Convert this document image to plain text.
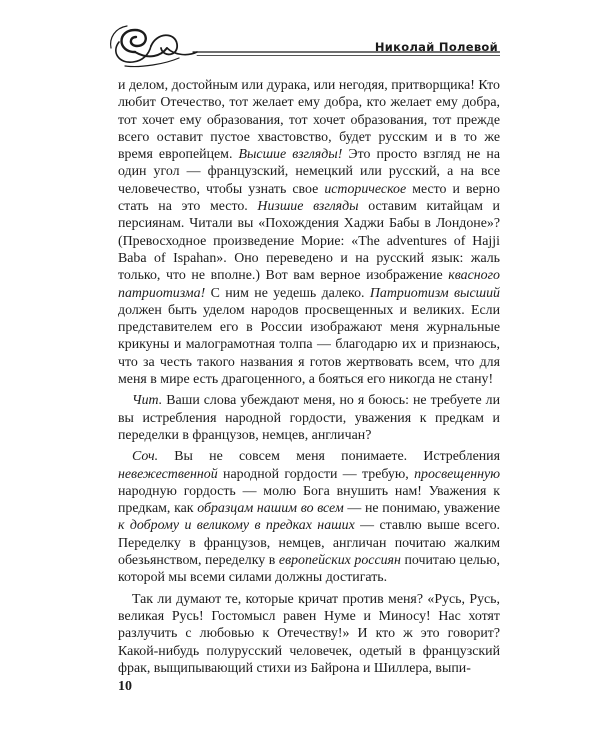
Николай Полевой

и делом, достойным или дурака, или негодяя, притворщика! Кто любит Отечество, тот желает ему добра, кто желает ему добра, тот хочет ему образования, тот хочет образования, тот прежде всего оставит пустое хвастовство, будет русским и в то же время европейцем. Высшие взгляды! Это просто взгляд не на один угол — французский, немецкий или русский, а на все человечество, чтобы узнать свое историческое место и верно стать на это место. Низшие взгляды оставим китайцам и персиянам. Читали вы «Похождения Хаджи Бабы в Лондоне»? (Превосходное произведение Морие: «The adventures of Hajji Baba of Ispahan». Оно переведено и на русский язык: жаль только, что не вполне.) Вот вам верное изображение квасного патриотизма! С ним не уедешь далеко. Патриотизм высший должен быть уделом народов просвещенных и великих. Если представителем его в России изображают меня журнальные крикуны и малограмотная толпа — благодарю их и признаюсь, что за честь такого названия я готов жертвовать всем, что для меня в мире есть драгоценного, а бояться его никогда не стану!

Чит. Ваши слова убеждают меня, но я боюсь: не требуете ли вы истребления народной гордости, уважения к предкам и переделки в французов, немцев, англичан?

Соч. Вы не совсем меня понимаете. Истребления невежественной народной гордости — требую, просвещенную народную гордость — молю Бога внушить нам! Уважения к предкам, как образцам нашим во всем — не понимаю, уважение к доброму и великому в предках наших — ставлю выше всего. Переделку в французов, немцев, англичан почитаю жалким обезьянством, переделку в европейских россиян почитаю целью, которой мы всеми силами должны достигать.

Так ли думают те, которые кричат против меня? «Русь, Русь, великая Русь! Гостомысл равен Нуме и Миносу! Нас хотят разлучить с любовью к Отечеству!» И кто ж это говорит? Какой-нибудь полурусский человечек, одетый в французский фрак, выщипывающий стихи из Байрона и Шиллера, выпи-

10
